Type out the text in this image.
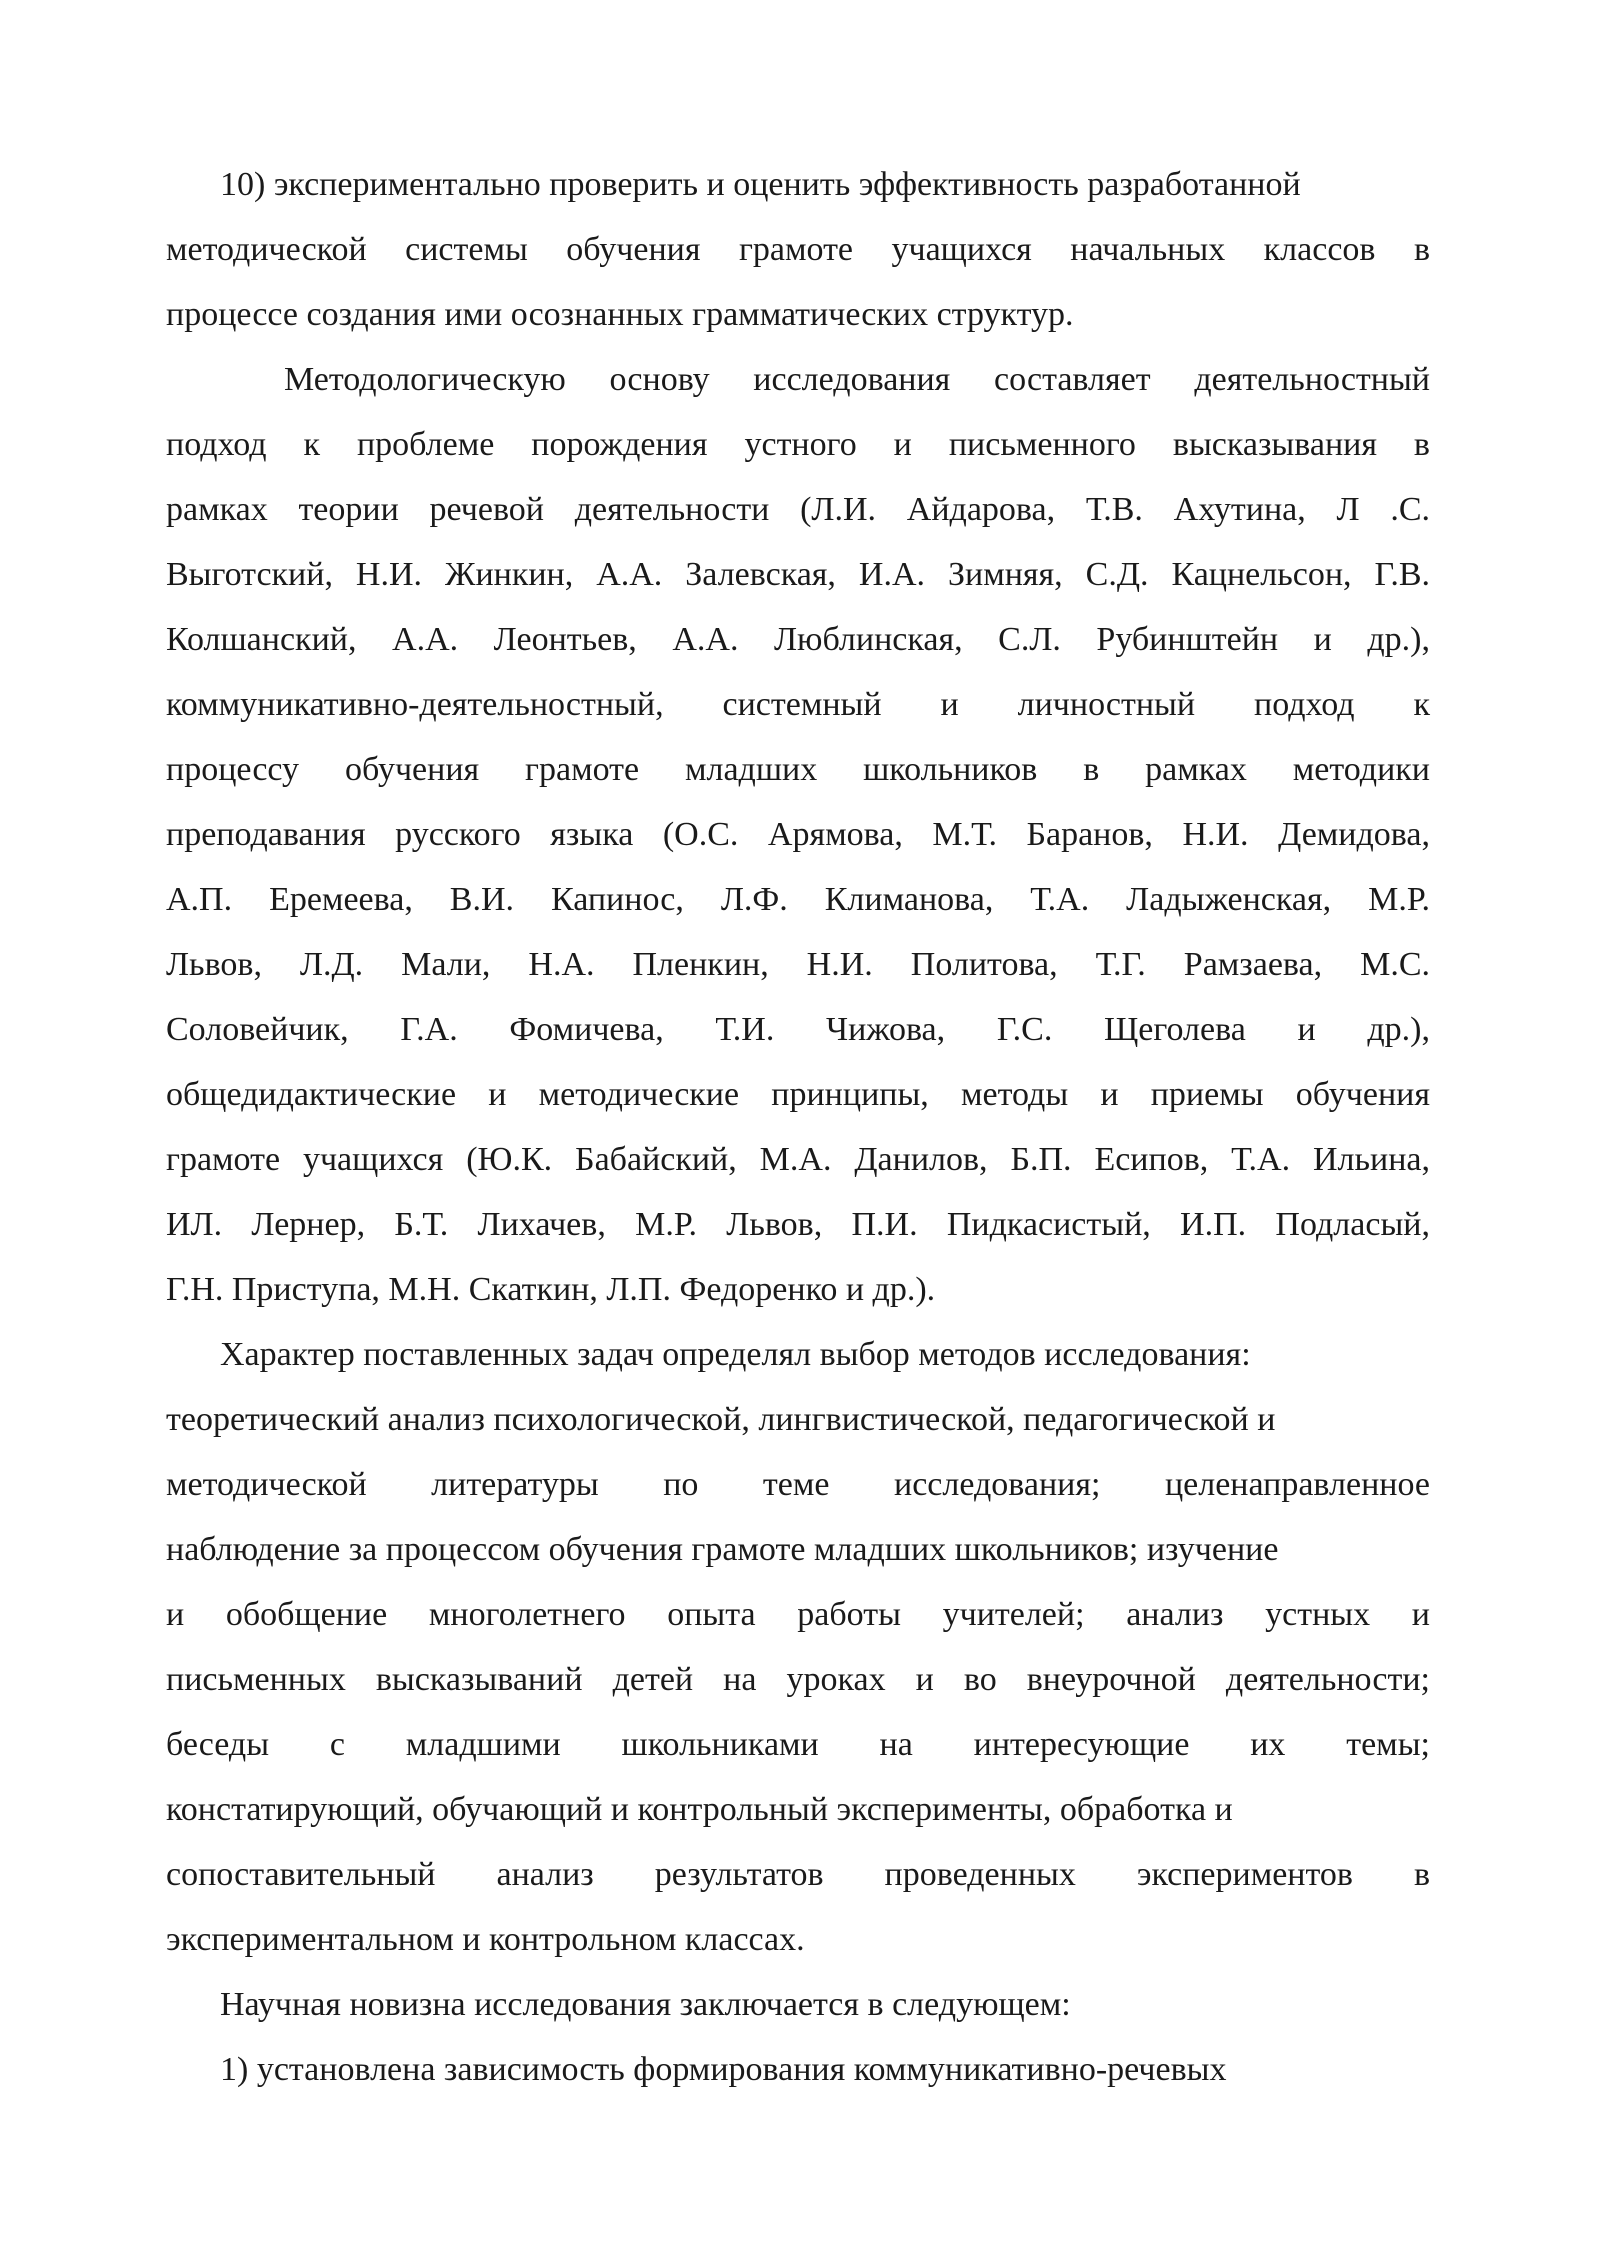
10) экспериментально проверить и оценить эффективность разработанной
методической системы обучения грамоте учащихся начальных классов в
процессе создания ими осознанных грамматических структур.
Методологическую основу исследования составляет деятельностный
подход к проблеме порождения устного и письменного высказывания в
рамках теории речевой деятельности (Л.И. Айдарова, Т.В. Ахутина, Л .С.
Выготский, Н.И. Жинкин, А.А. Залевская, И.А. Зимняя, С.Д. Кацнельсон, Г.В.
Колшанский, А.А. Леонтьев, А.А. Люблинская, С.Л. Рубинштейн и др.),
коммуникативно-деятельностный, системный и личностный подход к
процессу обучения грамоте младших школьников в рамках методики
преподавания русского языка (О.С. Арямова, М.Т. Баранов, Н.И. Демидова,
А.П. Еремеева, В.И. Капинос, Л.Ф. Климанова, Т.А. Ладыженская, М.Р.
Львов, Л.Д. Мали, Н.А. Пленкин, Н.И. Политова, Т.Г. Рамзаева, М.С.
Соловейчик, Г.А. Фомичева, Т.И. Чижова, Г.С. Щеголева и др.),
общедидактические и методические принципы, методы и приемы обучения
грамоте учащихся (Ю.К. Бабайский, М.А. Данилов, Б.П. Есипов, Т.А. Ильина,
ИЛ. Лернер, Б.Т. Лихачев, М.Р. Львов, П.И. Пидкасистый, И.П. Подласый,
Г.Н. Приступа, М.Н. Скаткин, Л.П. Федоренко и др.).
Характер поставленных задач определял выбор методов исследования:
теоретический анализ психологической, лингвистической, педагогической и
методической литературы по теме исследования; целенаправленное
наблюдение за процессом обучения грамоте младших школьников; изучение
и обобщение многолетнего опыта работы учителей; анализ устных и
письменных высказываний детей на уроках и во внеурочной деятельности;
беседы с младшими школьниками на интересующие их темы;
констатирующий, обучающий и контрольный эксперименты, обработка и
сопоставительный анализ результатов проведенных экспериментов в
экспериментальном и контрольном классах.
Научная новизна исследования заключается в следующем:
1) установлена зависимость формирования коммуникативно-речевых
